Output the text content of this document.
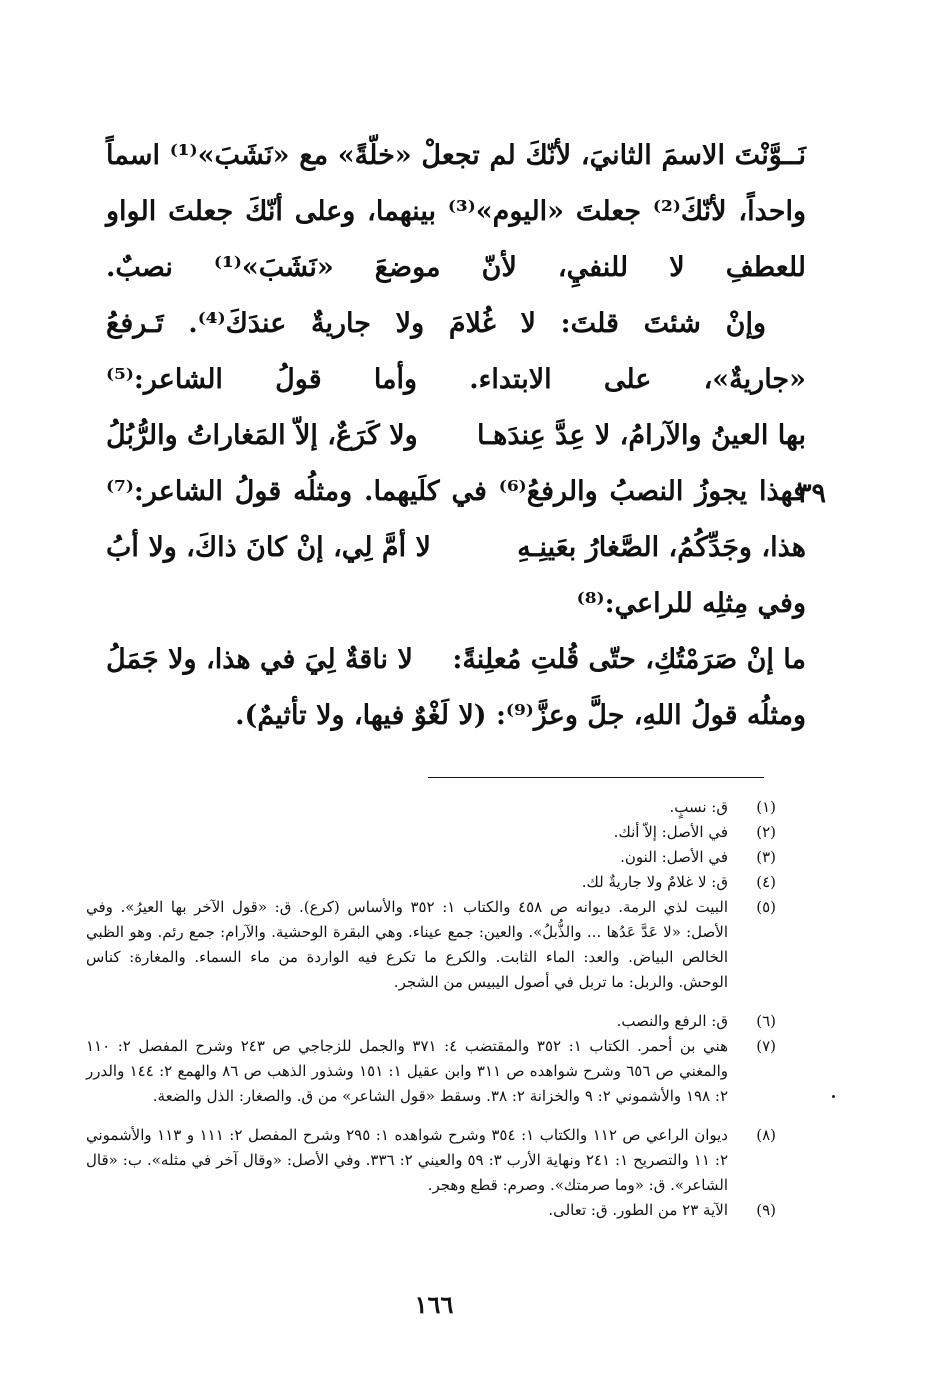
نَــوَّنْتَ الاسمَ الثانيَ، لأنّكَ لم تجعلْ «خلّةً» مع «نَشَبَ»⁽¹⁾ اسماً
واحداً، لأنّكَ⁽²⁾ جعلتَ «اليوم»⁽³⁾ بينهما، وعلى أنّكَ جعلتَ الواو
للعطفِ لا للنفيِ، لأنّ موضعَ «نَشَبَ»⁽¹⁾ نصبٌ.
وإنْ شئتَ قلتَ: لا غُلامَ ولا جاريةٌ عندَكَ⁽⁴⁾. تَـرفعُ
«جاريةٌ»، على الابتداء. وأما قولُ الشاعر:⁽⁵⁾
بها العينُ والآرامُ، لا عِدَّ عِندَهـا
ولا كَرَعٌ، إلاّ المَغاراتُ والرُّبُلُ
فهذا يجوزُ النصبُ والرفعُ⁽⁶⁾ في كلَيهما. ومثلُه قولُ الشاعر:⁽⁷⁾
هذا، وجَدِّكُمُ، الصَّغارُ بعَينِـهِ
لا أمَّ لِي، إنْ كانَ ذاكَ، ولا أبُ
وفي مِثلِه للراعي:⁽⁸⁾
ما إنْ صَرَمْتُكِ، حتّى قُلتِ مُعلِنةً:
لا ناقةٌ لِيَ في هذا، ولا جَمَلُ
ومثلُه قولُ اللهِ، جلَّ وعزَّ⁽⁹⁾: (لا لَغْوٌ فيها، ولا تأثيمٌ).
٣٩
(١)
ق: نسبٍ.
(٢)
في الأصل: إلاّ أنك.
(٣)
في الأصل: النون.
(٤)
ق: لا غلامٌ ولا جاريةٌ لك.
(٥)
البيت لذي الرمة. ديوانه ص ٤٥٨ والكتاب ١: ٣٥٢ والأساس (كرع). ق: «قول الآخر بها العيرُ». وفي الأصل: «لا عَدَّ عَدُها ... والذُّبلُ». والعين: جمع عيناء. وهي البقرة الوحشية. والآرام: جمع رئم. وهو الظبي الخالص البياض. والعد: الماء الثابت. والكرع ما تكرع فيه الواردة من ماء السماء. والمغارة: كناس الوحش. والربل: ما تربل في أصول اليبيس من الشجر.
(٦)
ق: الرفع والنصب.
(٧)
هني بن أحمر. الكتاب ١: ٣٥٢ والمقتضب ٤: ٣٧١ والجمل للزجاجي ص ٢٤٣ وشرح المفصل ٢: ١١٠ والمغني ص ٦٥٦ وشرح شواهده ص ٣١١ وابن عقيل ١: ١٥١ وشذور الذهب ص ٨٦ والهمع ٢: ١٤٤ والدرر ٢: ١٩٨ والأشموني ٢: ٩ والخزانة ٢: ٣٨. وسقط «قول الشاعر» من ق. والصغار: الذل والضعة.
(٨)
ديوان الراعي ص ١١٢ والكتاب ١: ٣٥٤ وشرح شواهده ١: ٢٩٥ وشرح المفصل ٢: ١١١ و ١١٣ والأشموني ٢: ١١ والتصريح ١: ٢٤١ ونهاية الأرب ٣: ٥٩ والعيني ٢: ٣٣٦. وفي الأصل: «وقال آخر في مثله». ب: «قال الشاعر». ق: «وما صرمتك». وصرم: قطع وهجر.
(٩)
الآية ٢٣ من الطور. ق: تعالى.
١٦٦
